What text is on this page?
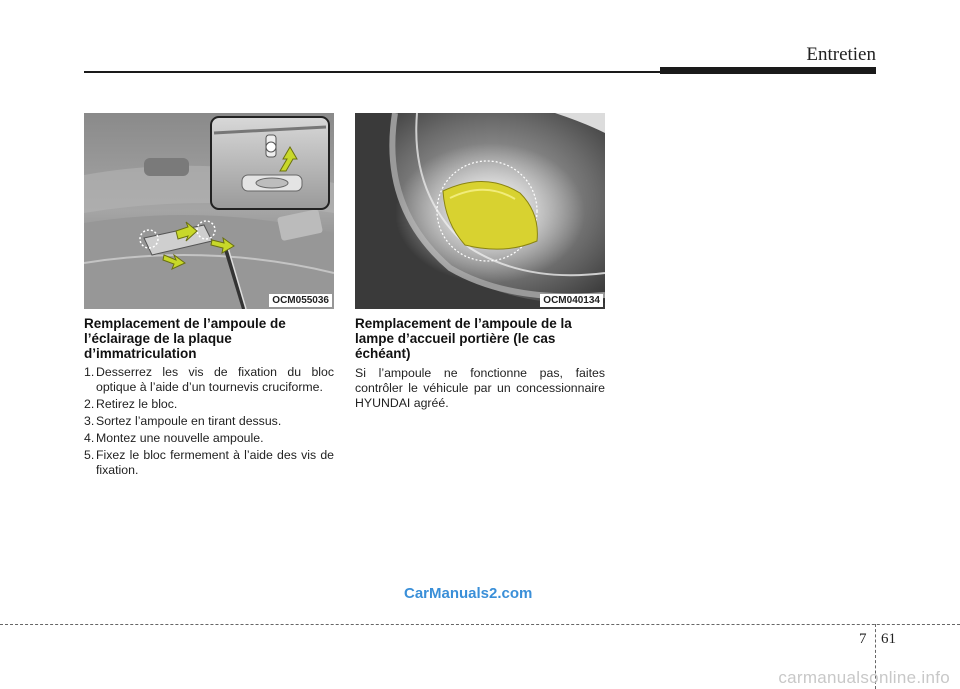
Entretien
OCM055036	OCM040134
Remplacement de l’ampoule de l’éclairage de la plaque d’immatriculation
1. Desserrez les vis de fixation du bloc optique à l’aide d’un tournevis cruciforme.
2. Retirez le bloc.
3. Sortez l’ampoule en tirant dessus.
4. Montez une nouvelle ampoule.
5. Fixez le bloc fermement à l’aide des vis de fixation.
Remplacement de l’ampoule de la lampe d’accueil portière (le cas échéant)

Si l’ampoule ne fonctionne pas, faites contrôler le véhicule par un concessionnaire HYUNDAI agréé.

CarManuals2.com
7 61
carmanualsonline.info
